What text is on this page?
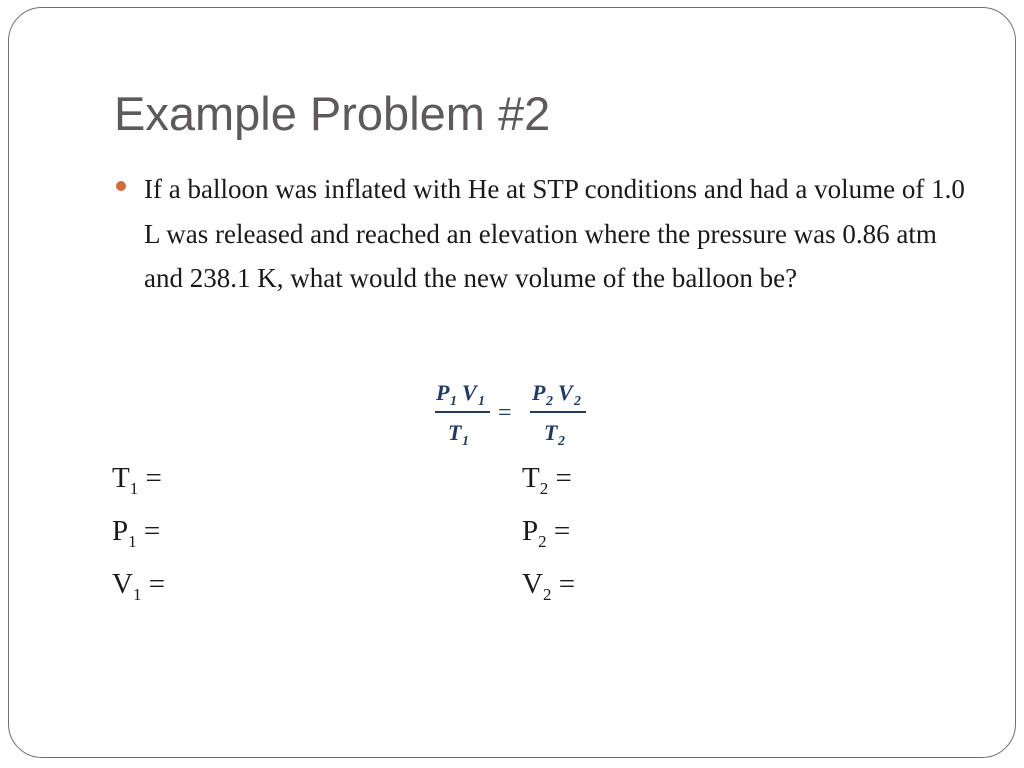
Example Problem #2
If a balloon was inflated with He at STP conditions and had a volume of 1.0 L was released and reached an elevation where the pressure was 0.86 atm and 238.1 K, what would the new volume of the balloon be?
P 1 V 1
T 1
P 2 V 2
T 2
=
$T_1$ =
$P_1$ =
$V_1$ =
$T_2$ =
$P_2$ =
$V_2$ =
